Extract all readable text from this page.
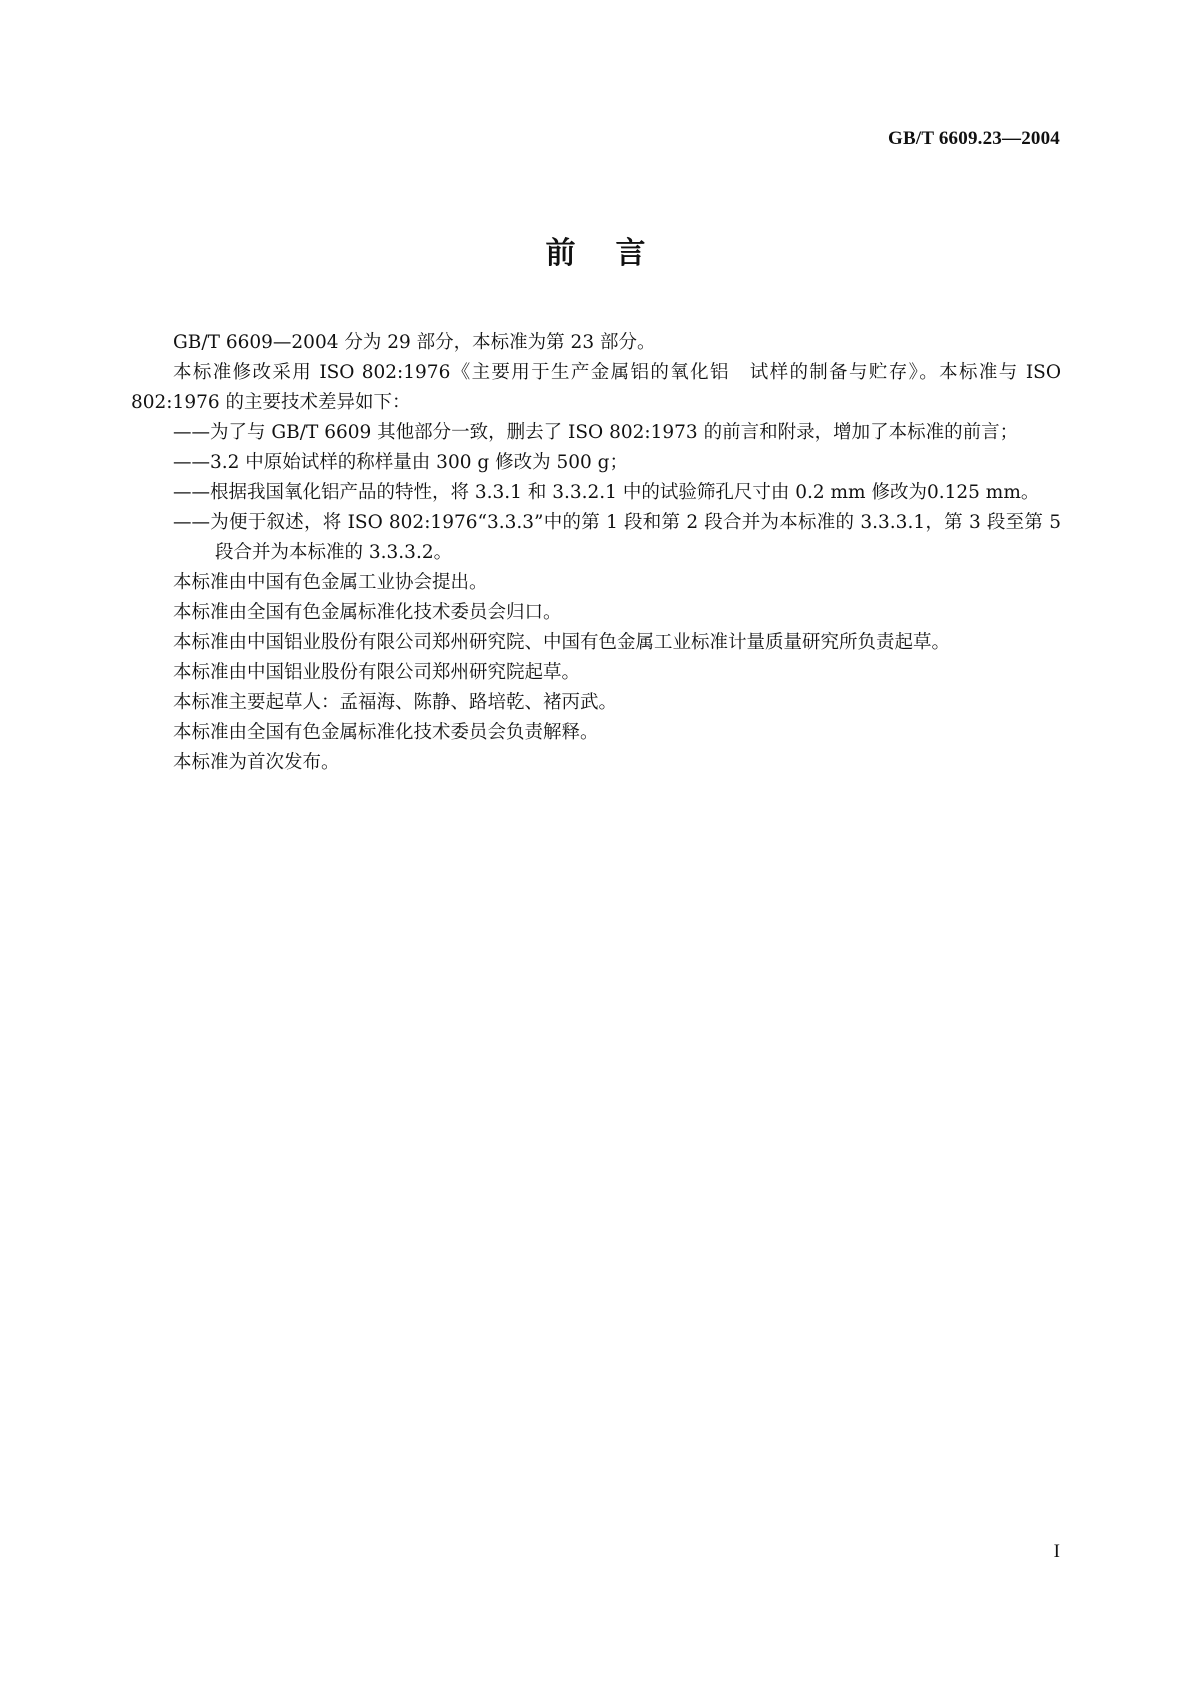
GB/T 6609.23—2004
前言

GB/T 6609—2004 分为 29 部分，本标准为第 23 部分。

本标准修改采用 ISO 802:1976《主要用于生产金属铝的氧化铝　试样的制备与贮存》。本标准与 ISO 802:1976 的主要技术差异如下：

——为了与 GB/T 6609 其他部分一致，删去了 ISO 802:1973 的前言和附录，增加了本标准的前言；

——3.2 中原始试样的称样量由 300 g 修改为 500 g；

——根据我国氧化铝产品的特性，将 3.3.1 和 3.3.2.1 中的试验筛孔尺寸由 0.2 mm 修改为0.125 mm。

——为便于叙述，将 ISO 802:1976“3.3.3”中的第 1 段和第 2 段合并为本标准的 3.3.3.1，第 3 段至第 5 段合并为本标准的 3.3.3.2。

本标准由中国有色金属工业协会提出。

本标准由全国有色金属标准化技术委员会归口。

本标准由中国铝业股份有限公司郑州研究院、中国有色金属工业标准计量质量研究所负责起草。

本标准由中国铝业股份有限公司郑州研究院起草。

本标准主要起草人：孟福海、陈静、路培乾、褚丙武。

本标准由全国有色金属标准化技术委员会负责解释。

本标准为首次发布。

I
